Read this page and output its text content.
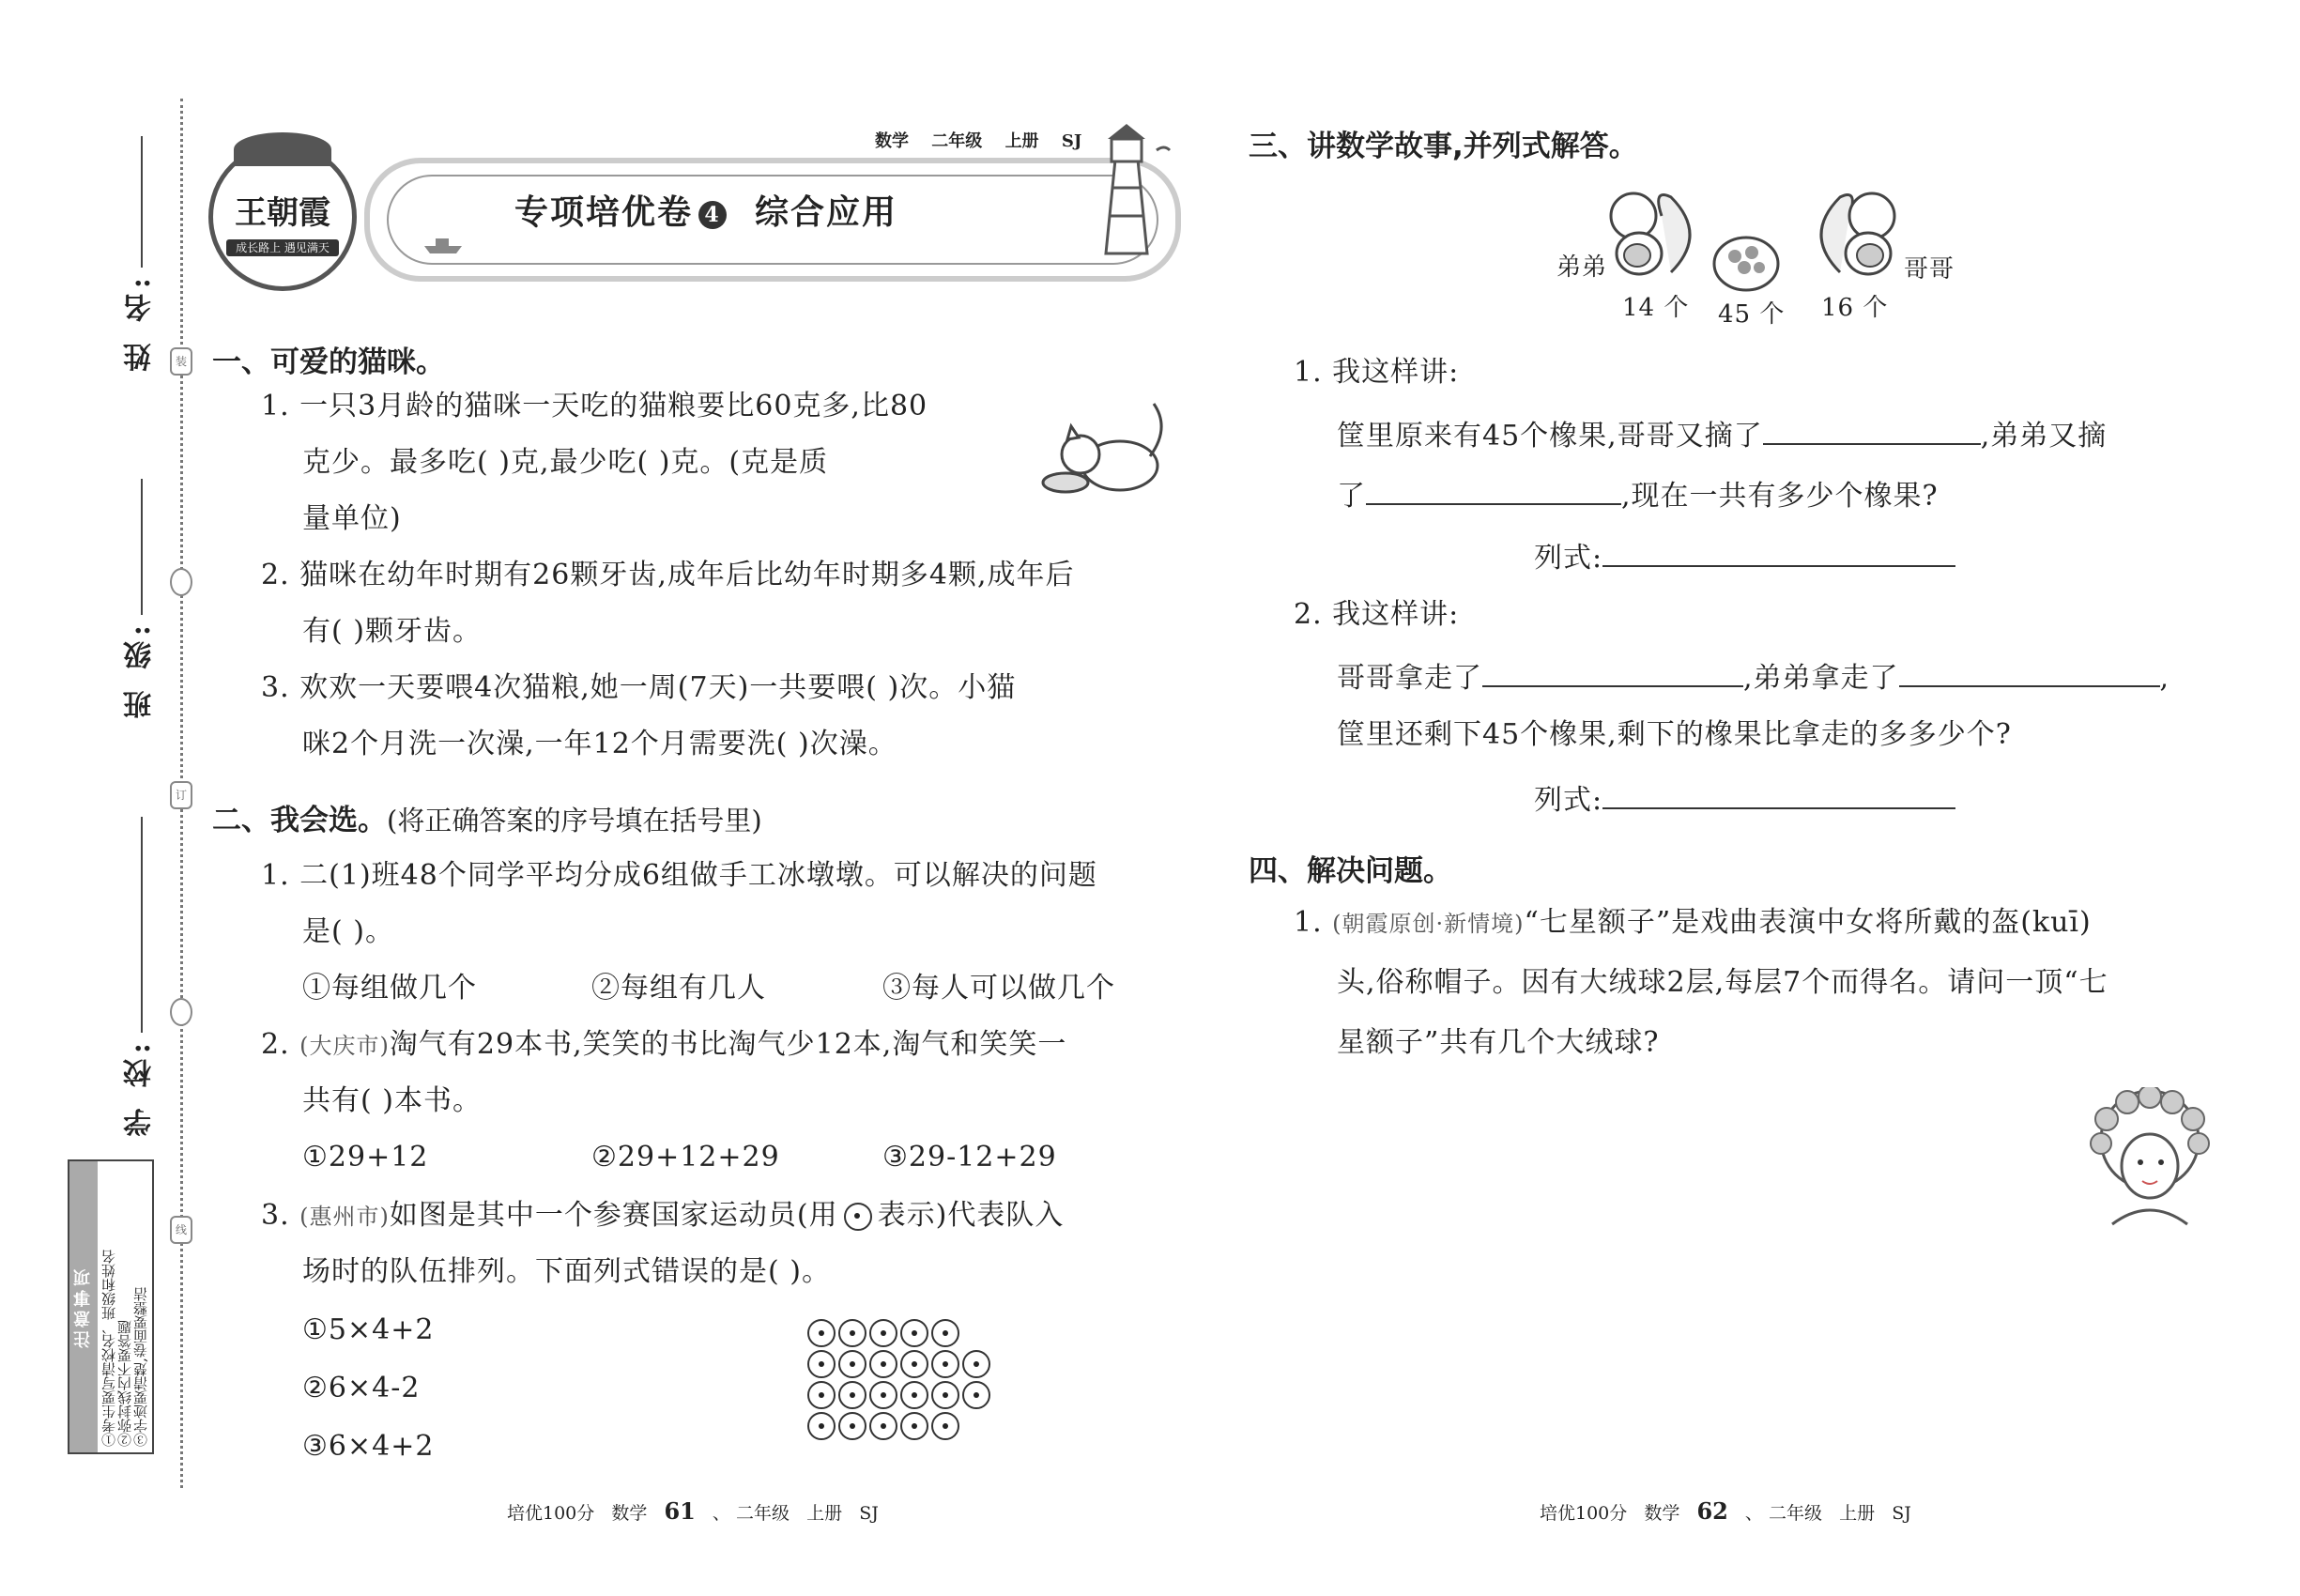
装
订
线
姓 名:
班 级:
学 校:
注意事项 ①考生要写清校名、班级和姓名 ②弥封线内不要答题 ③字迹要清楚,卷面要整洁
数学 二年级 上册 SJ
专项培优卷 4 综合应用
王朝霞
成长路上 遇见满天
一、可爱的猫咪。
1. 一只3月龄的猫咪一天吃的猫粮要比60克多,比80
克少。最多吃( )克,最少吃( )克。(克是质
量单位)
2. 猫咪在幼年时期有26颗牙齿,成年后比幼年时期多4颗,成年后
有( )颗牙齿。
3. 欢欢一天要喂4次猫粮,她一周(7天)一共要喂( )次。小猫
咪2个月洗一次澡,一年12个月需要洗( )次澡。
二、我会选。(将正确答案的序号填在括号里)
1. 二(1)班48个同学平均分成6组做手工冰墩墩。可以解决的问题
是( )。
①每组做几个	②每组有几人	③每人可以做几个
2. (大庆市)淘气有29本书,笑笑的书比淘气少12本,淘气和笑笑一
共有( )本书。
①29+12	②29+12+29	③29-12+29
3. (惠州市)如图是其中一个参赛国家运动员(用 表示)代表队入
场时的队伍排列。下面列式错误的是( )。
①5×4+2
②6×4-2
③6×4+2
培优100分 数学 61 、 二年级 上册 SJ
三、讲数学故事,并列式解答。
弟弟	哥哥
14 个 45 个 16 个
1. 我这样讲:
筐里原来有45个橡果,哥哥又摘了	,弟弟又摘
了	,现在一共有多少个橡果?
列式:
2. 我这样讲:
哥哥拿走了	,弟弟拿走了	,
筐里还剩下45个橡果,剩下的橡果比拿走的多多少个?
列式:
四、解决问题。
1. (朝霞原创·新情境)“七星额子”是戏曲表演中女将所戴的盔(kuī)
头,俗称帽子。因有大绒球2层,每层7个而得名。请问一顶“七
星额子”共有几个大绒球?
培优100分 数学 62 、 二年级 上册 SJ
